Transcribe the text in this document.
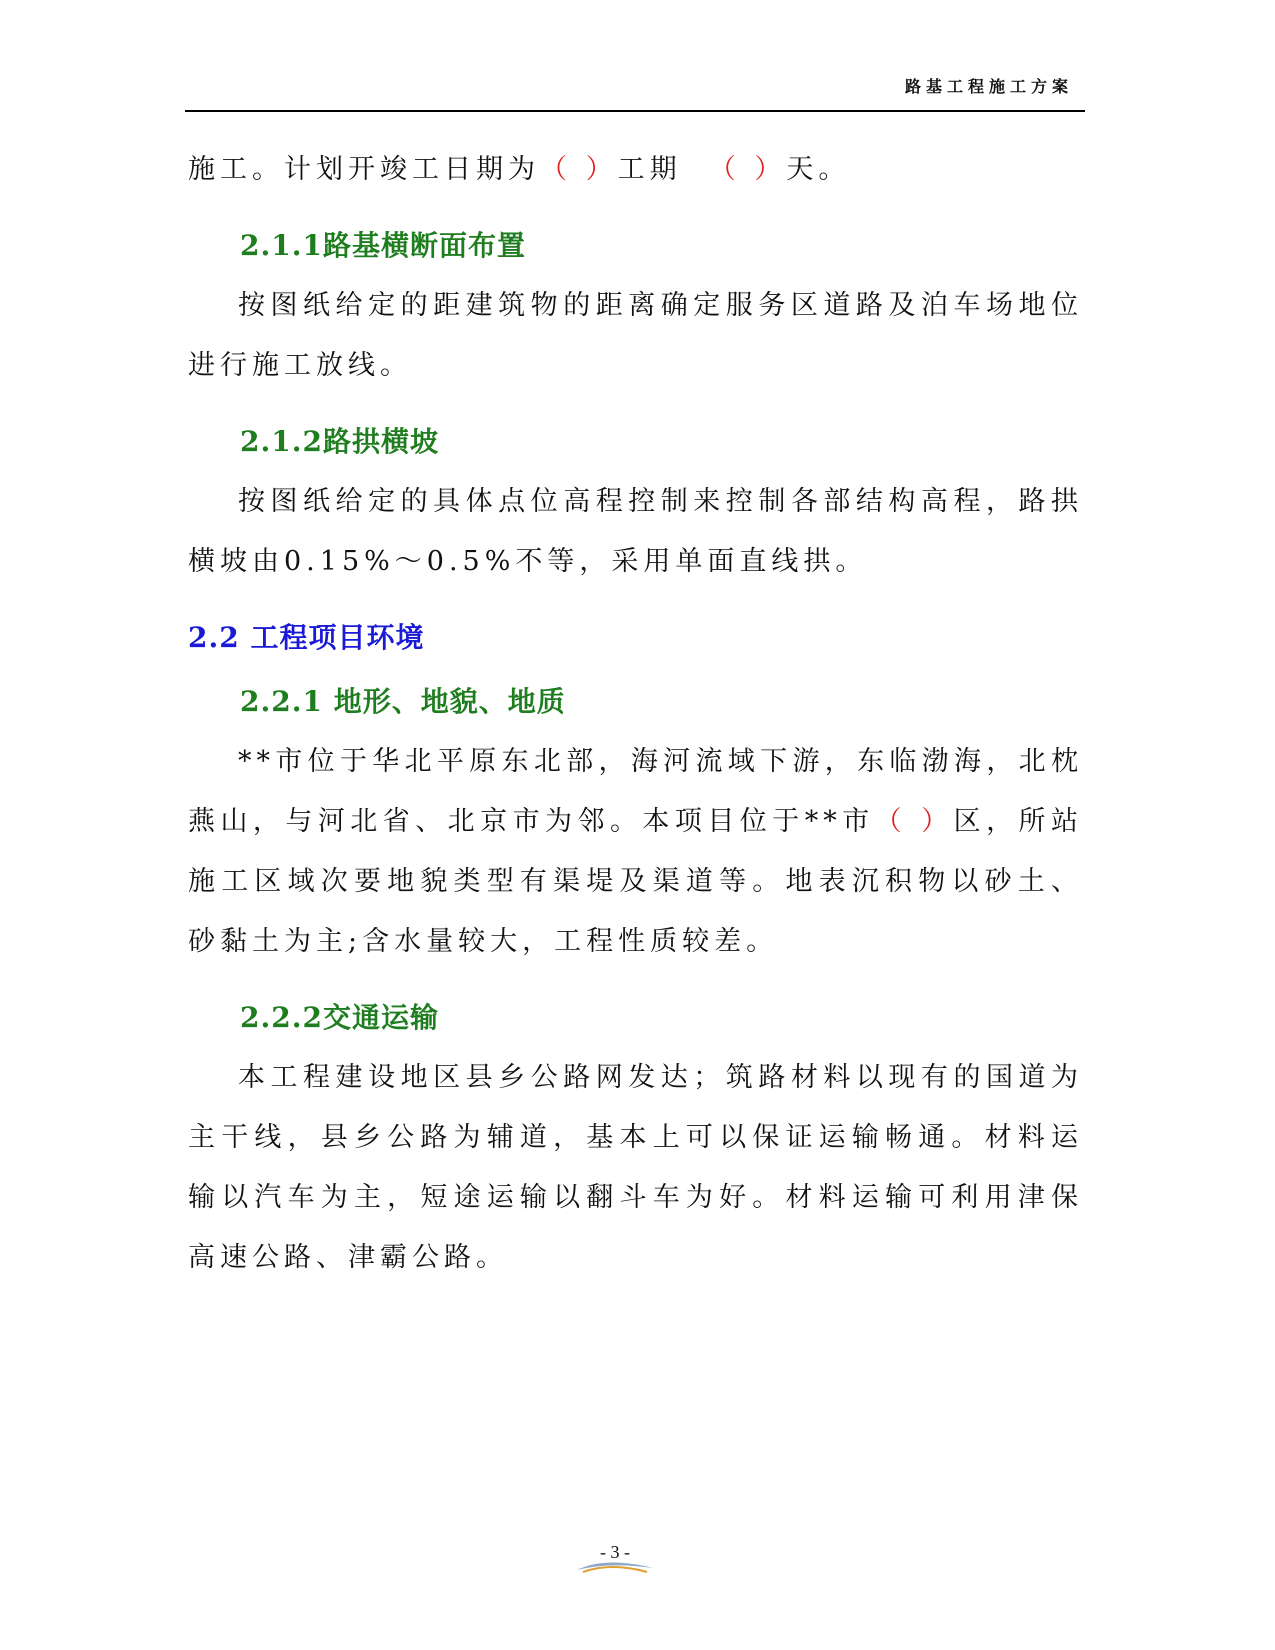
路基工程施工方案

施工。计划开竣工日期为（ ）工期 （ ）天。

2.1.1路基横断面布置

按图纸给定的距建筑物的距离确定服务区道路及泊车场地位进行施工放线。

2.1.2路拱横坡

按图纸给定的具体点位高程控制来控制各部结构高程，路拱横坡由0.15%～0.5%不等，采用单面直线拱。

2.2 工程项目环境
2.2.1 地形、地貌、地质

**市位于华北平原东北部，海河流域下游，东临渤海，北枕燕山，与河北省、北京市为邻。本项目位于**市（ ）区，所站施工区域次要地貌类型有渠堤及渠道等。地表沉积物以砂土、砂黏土为主;含水量较大，工程性质较差。

2.2.2交通运输

本工程建设地区县乡公路网发达；筑路材料以现有的国道为主干线，县乡公路为辅道，基本上可以保证运输畅通。材料运输以汽车为主，短途运输以翻斗车为好。材料运输可利用津保高速公路、津霸公路。

- 3 -
